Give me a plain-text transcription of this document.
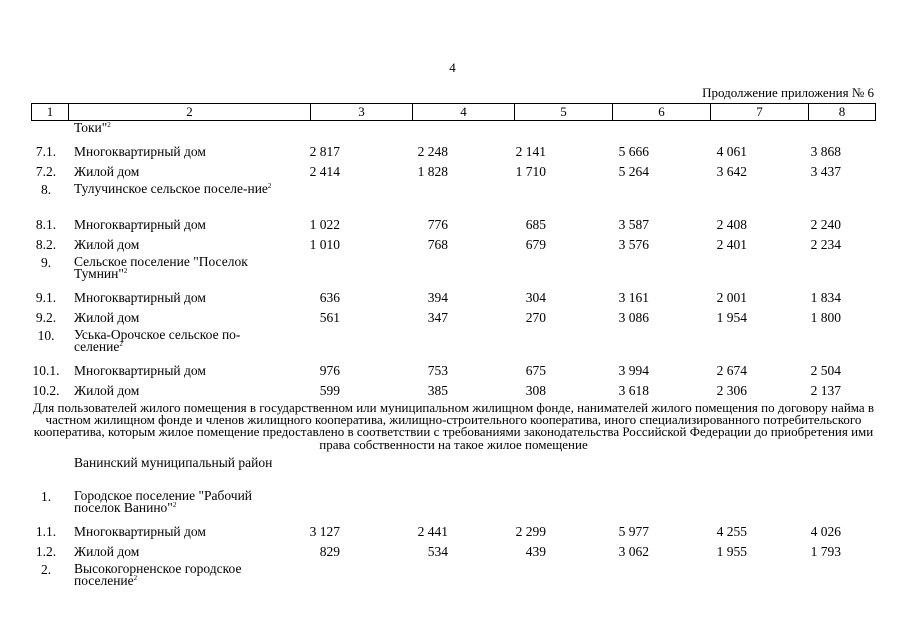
4
Продолжение приложения № 6
1	2	3	4	5	6	7	8
Токи"$^2$
7.1.	Многоквартирный дом	2 817	2 248	2 141	5 666	4 061	3 868
7.2.	Жилой дом	2 414	1 828	1 710	5 264	3 642	3 437
8.	Тулучинское сельское поселе-ние$^2$
8.1.	Многоквартирный дом	1 022	776	685	3 587	2 408	2 240
8.2.	Жилой дом	1 010	768	679	3 576	2 401	2 234
9.	Сельское поселение "Поселок Тумнин"$^2$
9.1.	Многоквартирный дом	636	394	304	3 161	2 001	1 834
9.2.	Жилой дом	561	347	270	3 086	1 954	1 800
10.	Уська-Орочское сельское по-селение$^2$
10.1.	Многоквартирный дом	976	753	675	3 994	2 674	2 504
10.2.	Жилой дом	599	385	308	3 618	2 306	2 137
Для пользователей жилого помещения в государственном или муниципальном жилищном фонде, нанимателей жилого помещения по договору найма в частном жилищном фонде и членов жилищного кооператива, жилищно-строительного кооператива, иного специализированного потребительского кооператива, которым жилое помещение предоставлено в соответствии с требованиями законодательства Российской Федерации до приобретения ими права собственности на такое жилое помещение
Ванинский муниципальный район
1.	Городское поселение "Рабочий поселок Ванино"$^2$
1.1.	Многоквартирный дом	3 127	2 441	2 299	5 977	4 255	4 026
1.2.	Жилой дом	829	534	439	3 062	1 955	1 793
2.	Высокогорненское городское поселение$^2$
